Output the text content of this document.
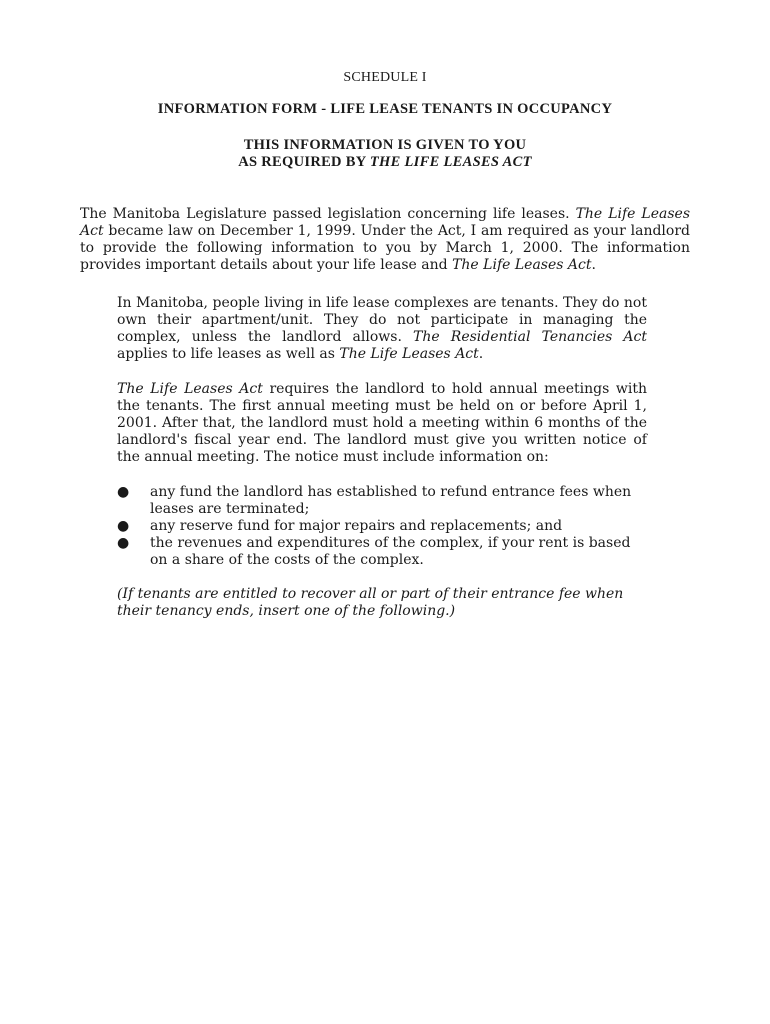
SCHEDULE I
INFORMATION FORM - LIFE LEASE TENANTS IN OCCUPANCY
THIS INFORMATION IS GIVEN TO YOU
AS REQUIRED BY THE LIFE LEASES ACT
The Manitoba Legislature passed legislation concerning life leases. The Life Leases Act became law on December 1, 1999. Under the Act, I am required as your landlord to provide the following information to you by March 1, 2000. The information provides important details about your life lease and The Life Leases Act.
In Manitoba, people living in life lease complexes are tenants. They do not own their apartment/unit. They do not participate in managing the complex, unless the landlord allows. The Residential Tenancies Act applies to life leases as well as The Life Leases Act.
The Life Leases Act requires the landlord to hold annual meetings with the tenants. The first annual meeting must be held on or before April 1, 2001. After that, the landlord must hold a meeting within 6 months of the landlord's fiscal year end. The landlord must give you written notice of the annual meeting. The notice must include information on:
● any fund the landlord has established to refund entrance fees when leases are terminated;
● any reserve fund for major repairs and replacements; and
● the revenues and expenditures of the complex, if your rent is based on a share of the costs of the complex.
(If tenants are entitled to recover all or part of their entrance fee when their tenancy ends, insert one of the following.)
